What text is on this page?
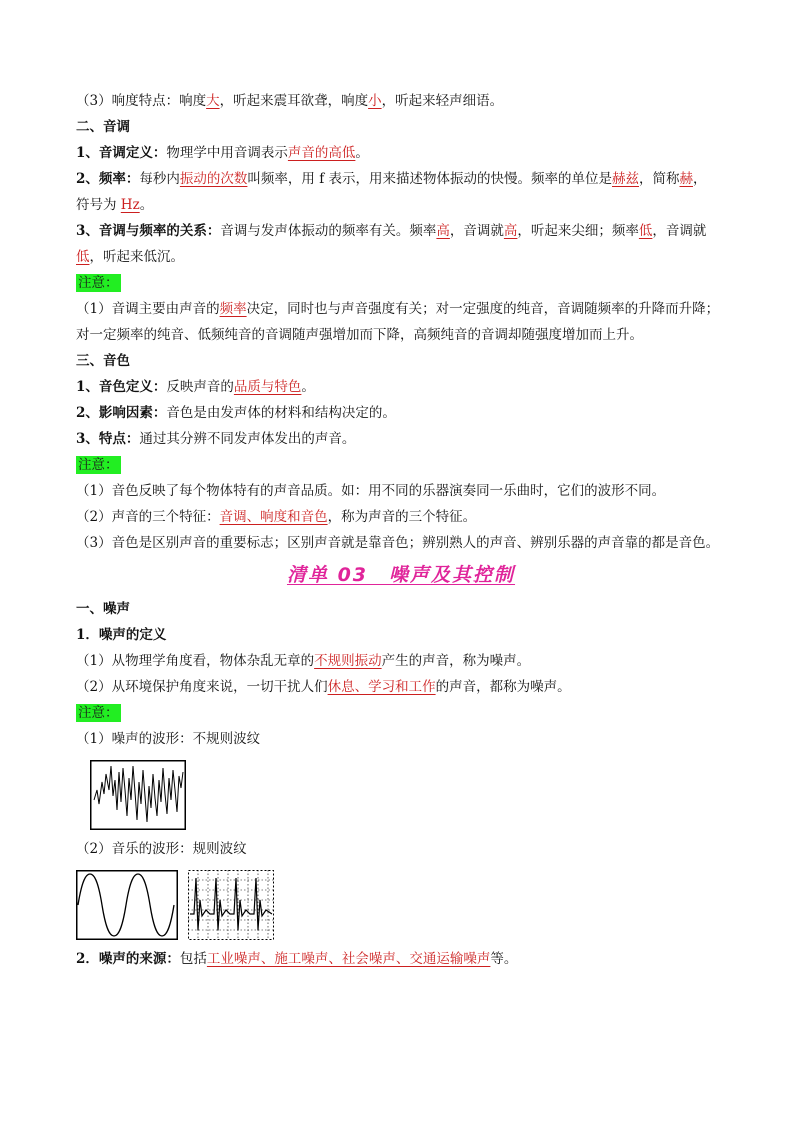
（3）响度特点：响度大，听起来震耳欲聋，响度小，听起来轻声细语。
二、音调
1、音调定义：物理学中用音调表示声音的高低。
2、频率：每秒内振动的次数叫频率，用 f 表示，用来描述物体振动的快慢。频率的单位是赫兹，简称赫，
符号为 Hz。
3、音调与频率的关系：音调与发声体振动的频率有关。频率高，音调就高，听起来尖细；频率低，音调就
低，听起来低沉。
注意：
（1）音调主要由声音的频率决定，同时也与声音强度有关；对一定强度的纯音，音调随频率的升降而升降；
对一定频率的纯音、低频纯音的音调随声强增加而下降，高频纯音的音调却随强度增加而上升。
三、音色
1、音色定义：反映声音的品质与特色。
2、影响因素：音色是由发声体的材料和结构决定的。
3、特点：通过其分辨不同发声体发出的声音。
注意：
（1）音色反映了每个物体特有的声音品质。如：用不同的乐器演奏同一乐曲时，它们的波形不同。
（2）声音的三个特征：音调、响度和音色，称为声音的三个特征。
（3）音色是区别声音的重要标志；区别声音就是靠音色；辨别熟人的声音、辨别乐器的声音靠的都是音色。
清单 03　噪声及其控制
一、噪声
1．噪声的定义
（1）从物理学角度看，物体杂乱无章的不规则振动产生的声音，称为噪声。
（2）从环境保护角度来说，一切干扰人们休息、学习和工作的声音，都称为噪声。
注意：
（1）噪声的波形：不规则波纹
（2）音乐的波形：规则波纹
2．噪声的来源：包括工业噪声、施工噪声、社会噪声、交通运输噪声等。
